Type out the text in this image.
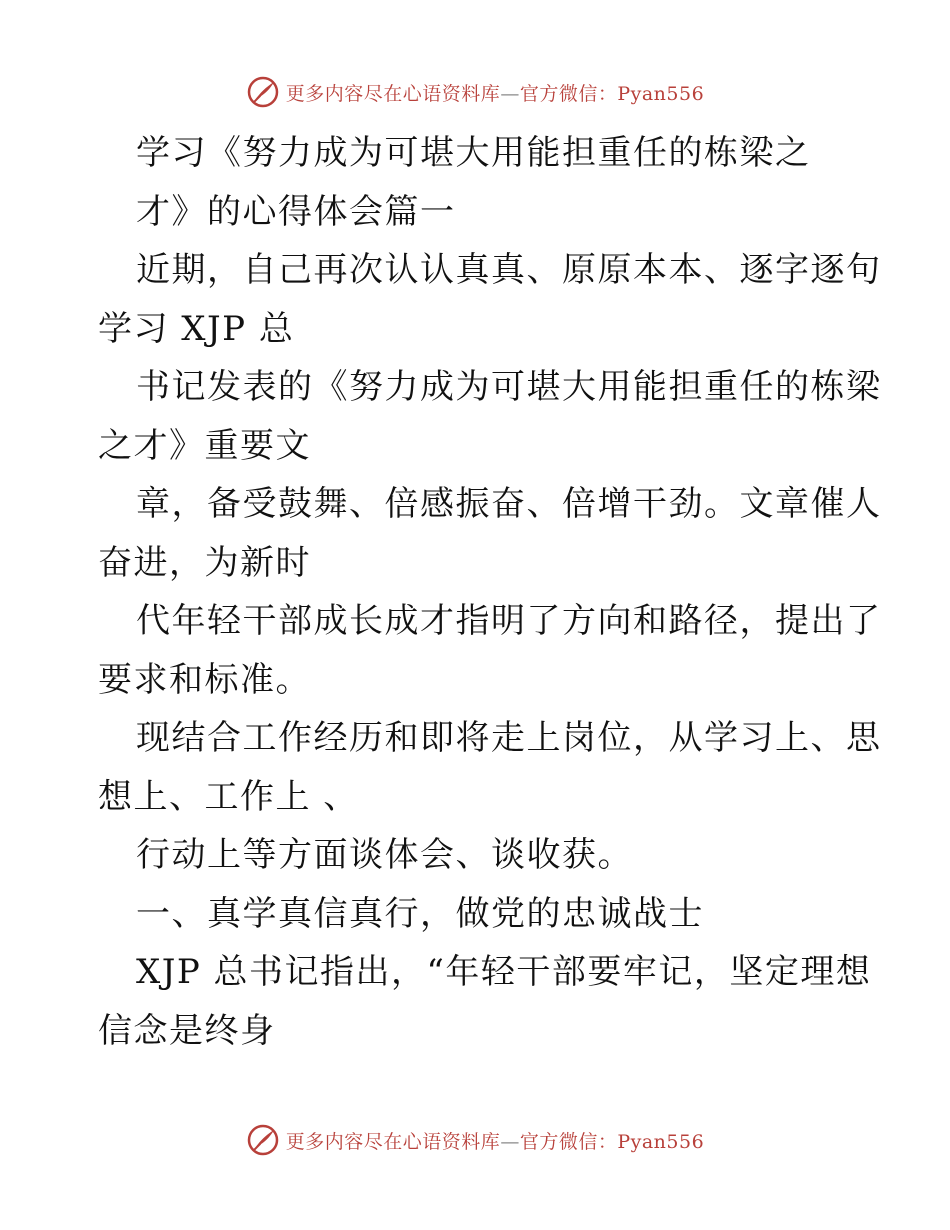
更多内容尽在心语资料库—官方微信：Pyan556
学习《努力成为可堪大用能担重任的栋梁之
才》的心得体会篇一
近期，自己再次认认真真、原原本本、逐字逐句
学习 XJP 总
书记发表的《努力成为可堪大用能担重任的栋梁
之才》重要文
章，备受鼓舞、倍感振奋、倍增干劲。文章催人
奋进，为新时
代年轻干部成长成才指明了方向和路径，提出了
要求和标准。
现结合工作经历和即将走上岗位，从学习上、思
想上、工作上 、
行动上等方面谈体会、谈收获。
一、真学真信真行，做党的忠诚战士
XJP 总书记指出，“年轻干部要牢记，坚定理想
信念是终身
更多内容尽在心语资料库—官方微信：Pyan556
